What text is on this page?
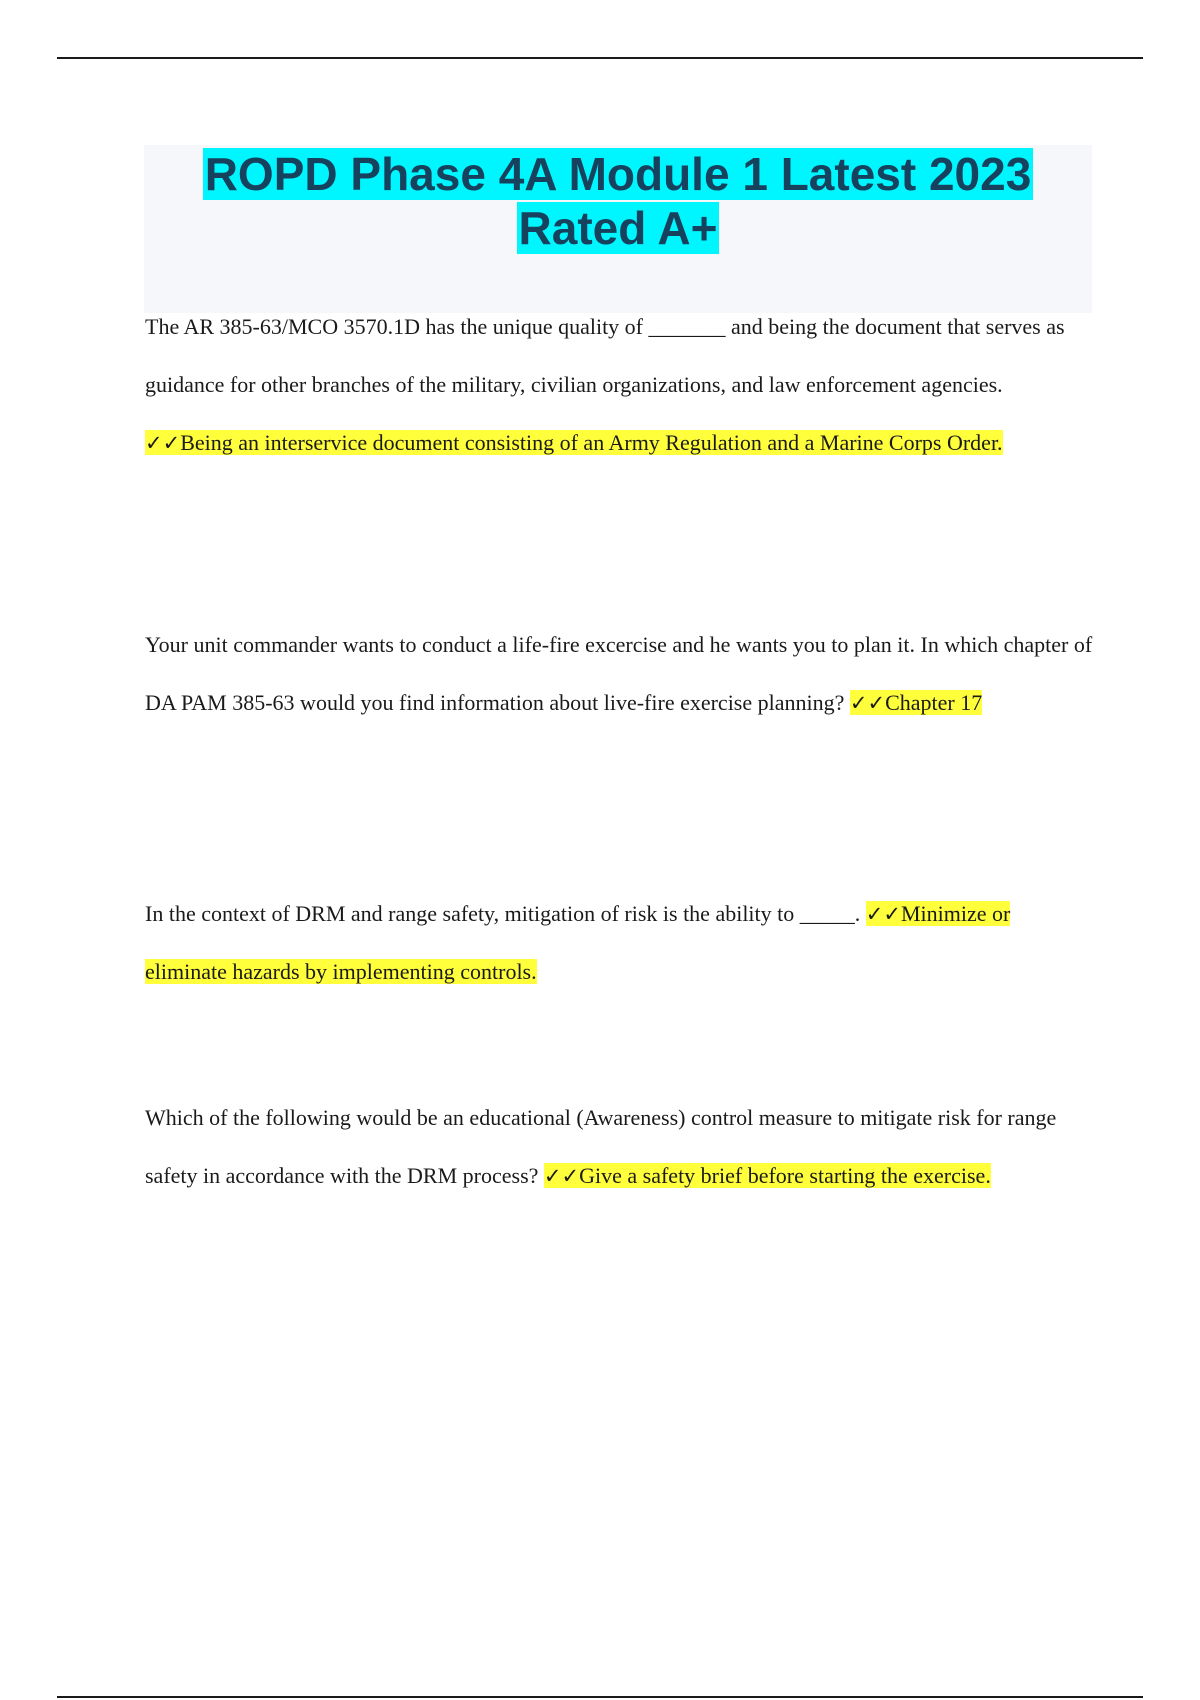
ROPD Phase 4A Module 1 Latest 2023
Rated A+

The AR 385-63/MCO 3570.1D has the unique quality of _______ and being the document that serves as guidance for other branches of the military, civilian organizations, and law enforcement agencies. ✓✓Being an interservice document consisting of an Army Regulation and a Marine Corps Order.

Your unit commander wants to conduct a life-fire excercise and he wants you to plan it. In which chapter of DA PAM 385-63 would you find information about live-fire exercise planning? ✓✓Chapter 17

In the context of DRM and range safety, mitigation of risk is the ability to _____. ✓✓Minimize or eliminate hazards by implementing controls.

Which of the following would be an educational (Awareness) control measure to mitigate risk for range safety in accordance with the DRM process? ✓✓Give a safety brief before starting the exercise.
